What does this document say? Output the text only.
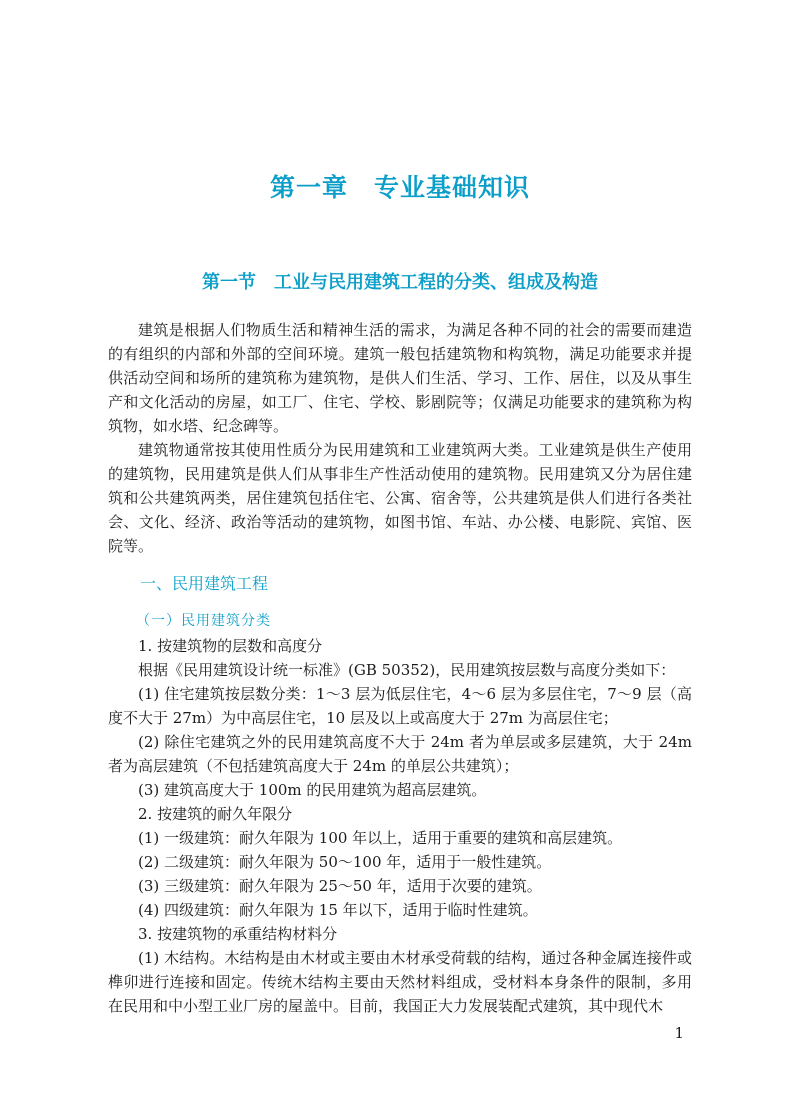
第一章　专业基础知识
第一节　工业与民用建筑工程的分类、组成及构造

建筑是根据人们物质生活和精神生活的需求，为满足各种不同的社会的需要而建造的有组织的内部和外部的空间环境。建筑一般包括建筑物和构筑物，满足功能要求并提供活动空间和场所的建筑称为建筑物，是供人们生活、学习、工作、居住，以及从事生产和文化活动的房屋，如工厂、住宅、学校、影剧院等；仅满足功能要求的建筑称为构筑物，如水塔、纪念碑等。

建筑物通常按其使用性质分为民用建筑和工业建筑两大类。工业建筑是供生产使用的建筑物，民用建筑是供人们从事非生产性活动使用的建筑物。民用建筑又分为居住建筑和公共建筑两类，居住建筑包括住宅、公寓、宿舍等，公共建筑是供人们进行各类社会、文化、经济、政治等活动的建筑物，如图书馆、车站、办公楼、电影院、宾馆、医院等。

一、民用建筑工程

（一）民用建筑分类

1. 按建筑物的层数和高度分

根据《民用建筑设计统一标准》(GB 50352)，民用建筑按层数与高度分类如下：

(1) 住宅建筑按层数分类：1～3 层为低层住宅，4～6 层为多层住宅，7～9 层（高度不大于 27m）为中高层住宅，10 层及以上或高度大于 27m 为高层住宅；

(2) 除住宅建筑之外的民用建筑高度不大于 24m 者为单层或多层建筑，大于 24m 者为高层建筑（不包括建筑高度大于 24m 的单层公共建筑）；

(3) 建筑高度大于 100m 的民用建筑为超高层建筑。

2. 按建筑的耐久年限分

(1) 一级建筑：耐久年限为 100 年以上，适用于重要的建筑和高层建筑。

(2) 二级建筑：耐久年限为 50～100 年，适用于一般性建筑。

(3) 三级建筑：耐久年限为 25～50 年，适用于次要的建筑。

(4) 四级建筑：耐久年限为 15 年以下，适用于临时性建筑。

3. 按建筑物的承重结构材料分

(1) 木结构。木结构是由木材或主要由木材承受荷载的结构，通过各种金属连接件或榫卯进行连接和固定。传统木结构主要由天然材料组成，受材料本身条件的限制，多用在民用和中小型工业厂房的屋盖中。目前，我国正大力发展装配式建筑，其中现代木

1
